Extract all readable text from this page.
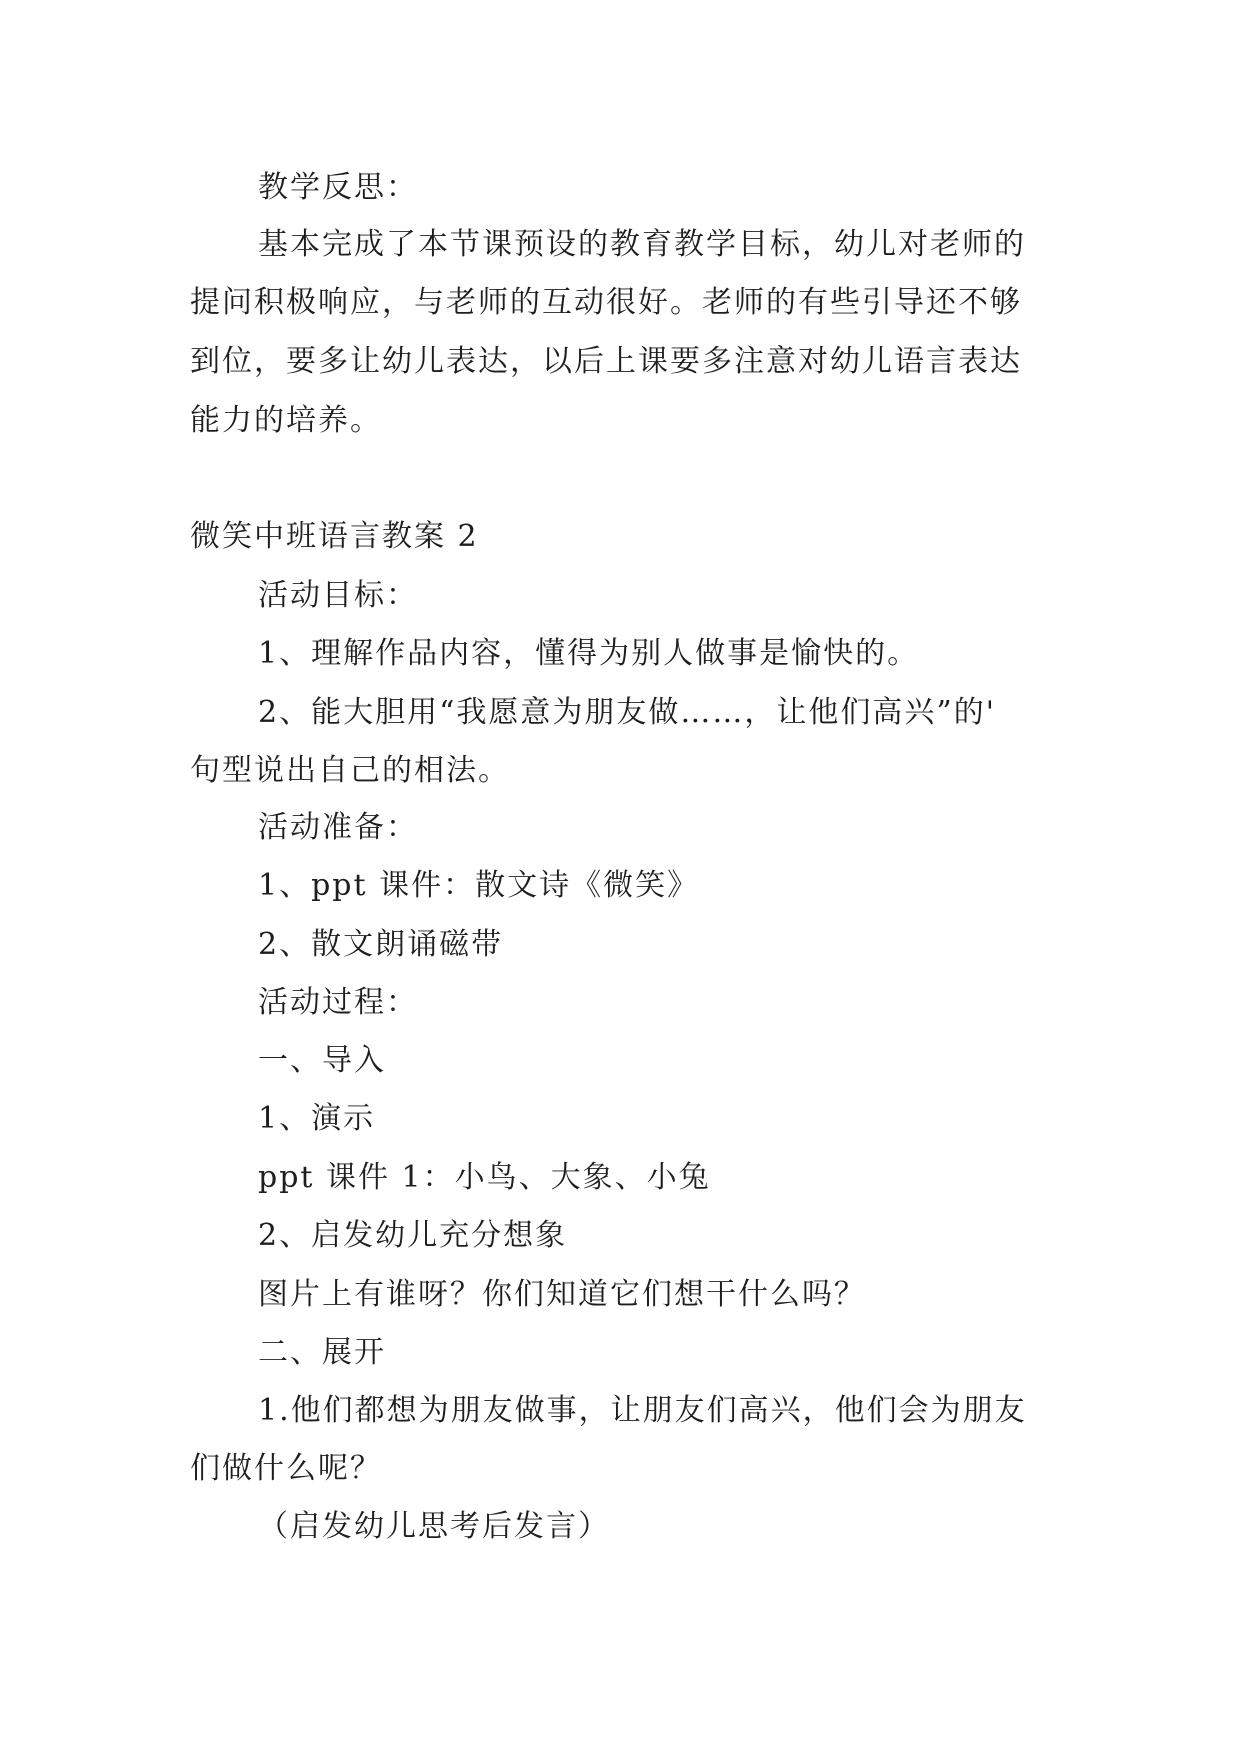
教学反思：
基本完成了本节课预设的教育教学目标，幼儿对老师的
提问积极响应，与老师的互动很好。老师的有些引导还不够
到位，要多让幼儿表达，以后上课要多注意对幼儿语言表达
能力的培养。
微笑中班语言教案 2
活动目标：
1、理解作品内容，懂得为别人做事是愉快的。
2、能大胆用“我愿意为朋友做……，让他们高兴”的'
句型说出自己的相法。
活动准备：
1、ppt 课件：散文诗《微笑》
2、散文朗诵磁带
活动过程：
一、导入
1、演示
ppt 课件 1：小鸟、大象、小兔
2、启发幼儿充分想象
图片上有谁呀？你们知道它们想干什么吗？
二、展开
1.他们都想为朋友做事，让朋友们高兴，他们会为朋友
们做什么呢？
（启发幼儿思考后发言）
